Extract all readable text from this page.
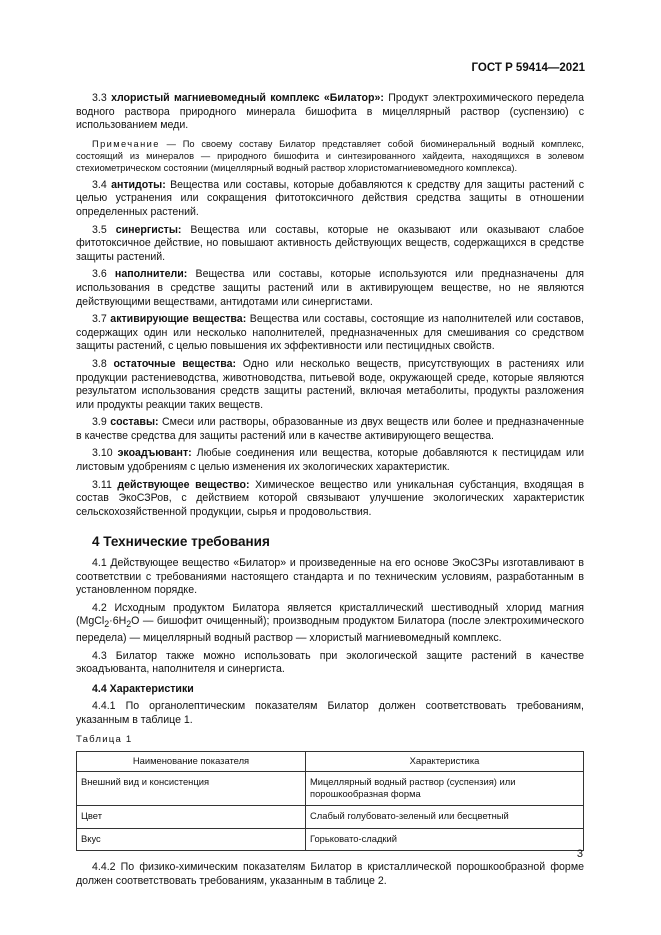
ГОСТ Р 59414—2021

3.3 хлористый магниевомедный комплекс «Билатор»: Продукт электрохимического передела водного раствора природного минерала бишофита в мицеллярный раствор (суспензию) с использованием меди.

Примечание — По своему составу Билатор представляет собой биоминеральный водный комплекс, состоящий из минералов — природного бишофита и синтезированного хайдеита, находящихся в золевом стехиометрическом состоянии (мицеллярный водный раствор хлористомагниевомедного комплекса).

3.4 антидоты: Вещества или составы, которые добавляются к средству для защиты растений с целью устранения или сокращения фитотоксичного действия средства защиты в отношении определенных растений.

3.5 синергисты: Вещества или составы, которые не оказывают или оказывают слабое фитотоксичное действие, но повышают активность действующих веществ, содержащихся в средстве защиты растений.

3.6 наполнители: Вещества или составы, которые используются или предназначены для использования в средстве защиты растений или в активирующем веществе, но не являются действующими веществами, антидотами или синергистами.

3.7 активирующие вещества: Вещества или составы, состоящие из наполнителей или составов, содержащих один или несколько наполнителей, предназначенных для смешивания со средством защиты растений, с целью повышения их эффективности или пестицидных свойств.

3.8 остаточные вещества: Одно или несколько веществ, присутствующих в растениях или продукции растениеводства, животноводства, питьевой воде, окружающей среде, которые являются результатом использования средств защиты растений, включая метаболиты, продукты разложения или продукты реакции таких веществ.

3.9 составы: Смеси или растворы, образованные из двух веществ или более и предназначенные в качестве средства для защиты растений или в качестве активирующего вещества.

3.10 экоадъювант: Любые соединения или вещества, которые добавляются к пестицидам или листовым удобрениям с целью изменения их экологических характеристик.

3.11 действующее вещество: Химическое вещество или уникальная субстанция, входящая в состав ЭкоСЗРов, с действием которой связывают улучшение экологических характеристик сельскохозяйственной продукции, сырья и продовольствия.

4 Технические требования

4.1 Действующее вещество «Билатор» и произведенные на его основе ЭкоСЗРы изготавливают в соответствии с требованиями настоящего стандарта и по техническим условиям, разработанным в установленном порядке.

4.2 Исходным продуктом Билатора является кристаллический шестиводный хлорид магния ($MgCl_2\cdot 6H_2O$ — бишофит очищенный); производным продуктом Билатора (после электрохимического передела) — мицеллярный водный раствор — хлористый магниевомедный комплекс.

4.3 Билатор также можно использовать при экологической защите растений в качестве экоадъюванта, наполнителя и синергиста.

4.4 Характеристики

4.4.1 По органолептическим показателям Билатор должен соответствовать требованиям, указанным в таблице 1.

Таблица 1
Наименование показателя	Характеристика
Внешний вид и консистенция	Мицеллярный водный раствор (суспензия) или порошкообразная форма
Цвет	Слабый голубовато-зеленый или бесцветный
Вкус	Горьковато-сладкий

4.4.2 По физико-химическим показателям Билатор в кристаллической порошкообразной форме должен соответствовать требованиям, указанным в таблице 2.

3
